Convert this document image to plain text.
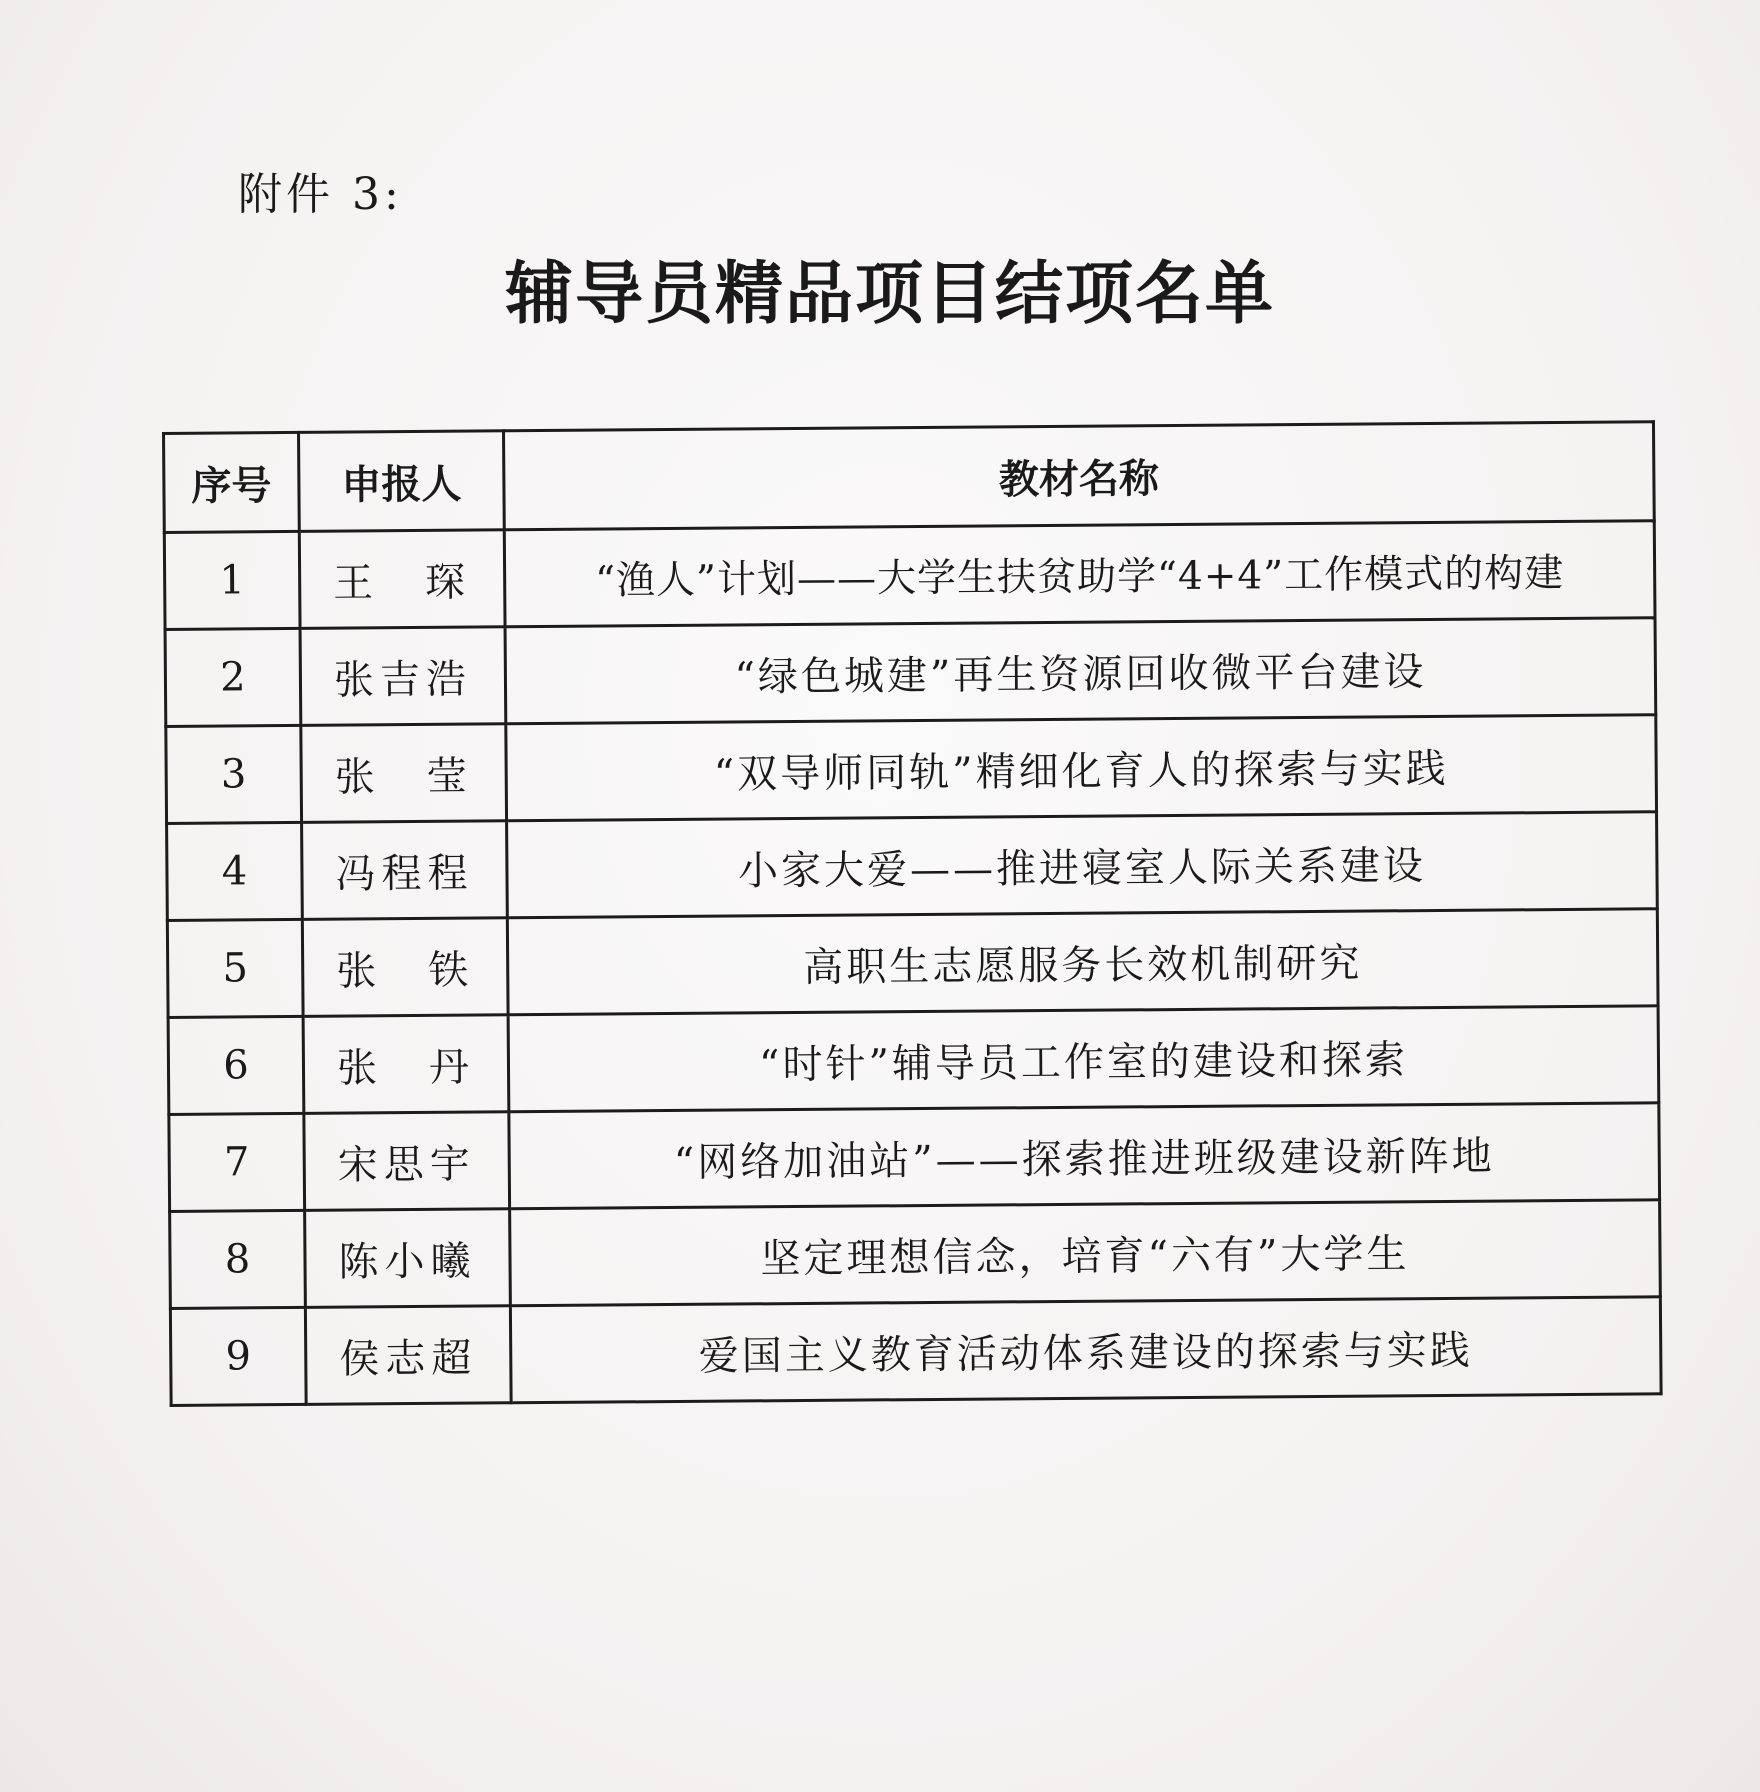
附件 3:
辅导员精品项目结项名单
序号	申报人	教材名称
1	王　琛	“渔人”计划——大学生扶贫助学“4+4”工作模式的构建
2	张吉浩	“绿色城建”再生资源回收微平台建设
3	张　莹	“双导师同轨”精细化育人的探索与实践
4	冯程程	小家大爱——推进寝室人际关系建设
5	张　铁	高职生志愿服务长效机制研究
6	张　丹	“时针”辅导员工作室的建设和探索
7	宋思宇	“网络加油站”——探索推进班级建设新阵地
8	陈小曦	坚定理想信念，培育“六有”大学生
9	侯志超	爱国主义教育活动体系建设的探索与实践
